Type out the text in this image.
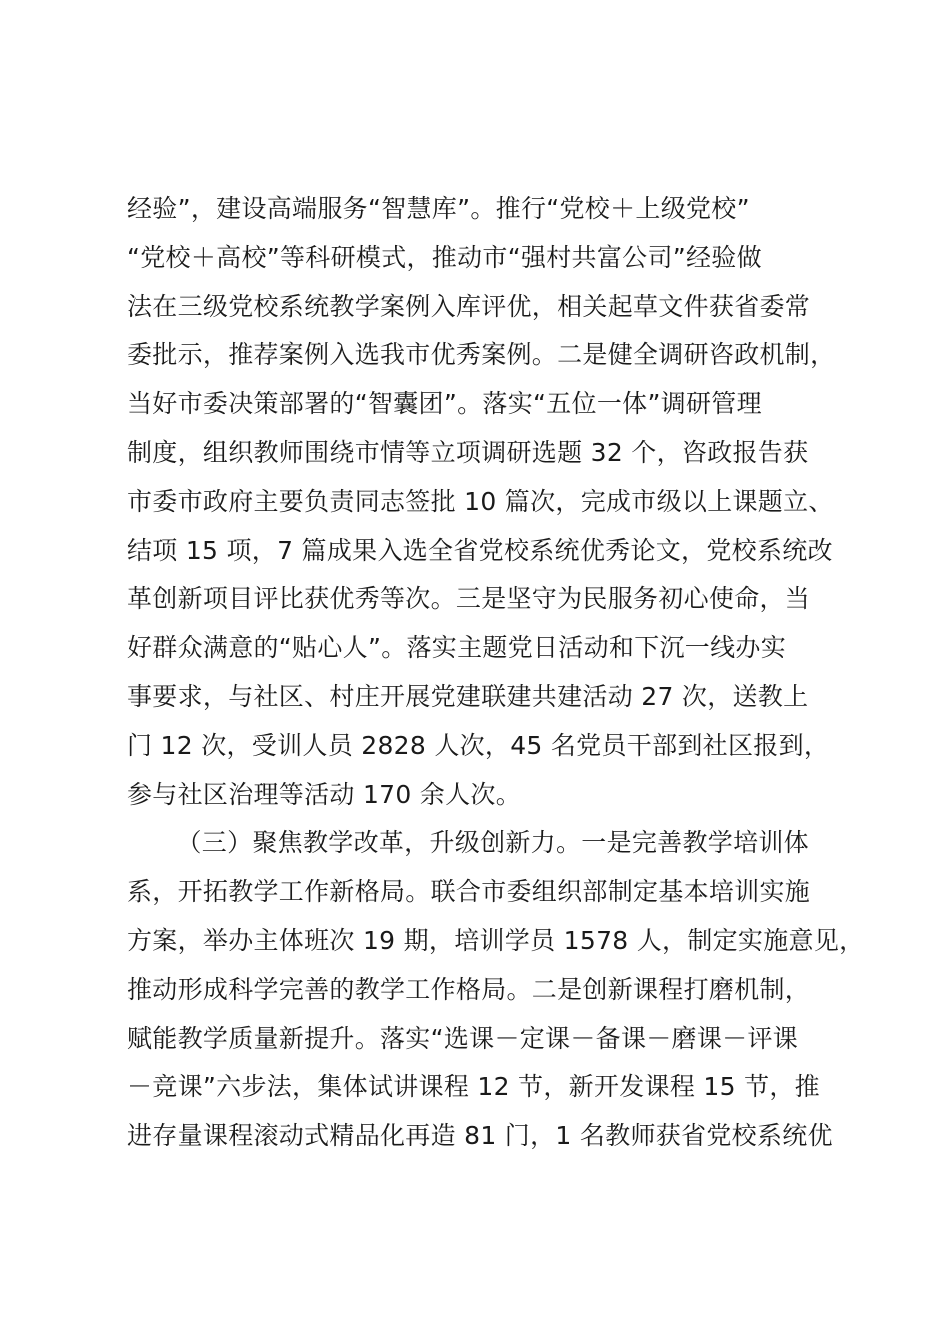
经验”，建设高端服务“智慧库”。推行“党校＋上级党校”
“党校＋高校”等科研模式，推动市“强村共富公司”经验做
法在三级党校系统教学案例入库评优，相关起草文件获省委常
委批示，推荐案例入选我市优秀案例。二是健全调研咨政机制，
当好市委决策部署的“智囊团”。落实“五位一体”调研管理
制度，组织教师围绕市情等立项调研选题 32 个，咨政报告获
市委市政府主要负责同志签批 10 篇次，完成市级以上课题立、
结项 15 项，7 篇成果入选全省党校系统优秀论文，党校系统改
革创新项目评比获优秀等次。三是坚守为民服务初心使命，当
好群众满意的“贴心人”。落实主题党日活动和下沉一线办实
事要求，与社区、村庄开展党建联建共建活动 27 次，送教上
门 12 次，受训人员 2828 人次，45 名党员干部到社区报到，
参与社区治理等活动 170 余人次。
（三）聚焦教学改革，升级创新力。一是完善教学培训体
系，开拓教学工作新格局。联合市委组织部制定基本培训实施
方案，举办主体班次 19 期，培训学员 1578 人，制定实施意见，
推动形成科学完善的教学工作格局。二是创新课程打磨机制，
赋能教学质量新提升。落实“选课－定课－备课－磨课－评课
－竞课”六步法，集体试讲课程 12 节，新开发课程 15 节，推
进存量课程滚动式精品化再造 81 门，1 名教师获省党校系统优
